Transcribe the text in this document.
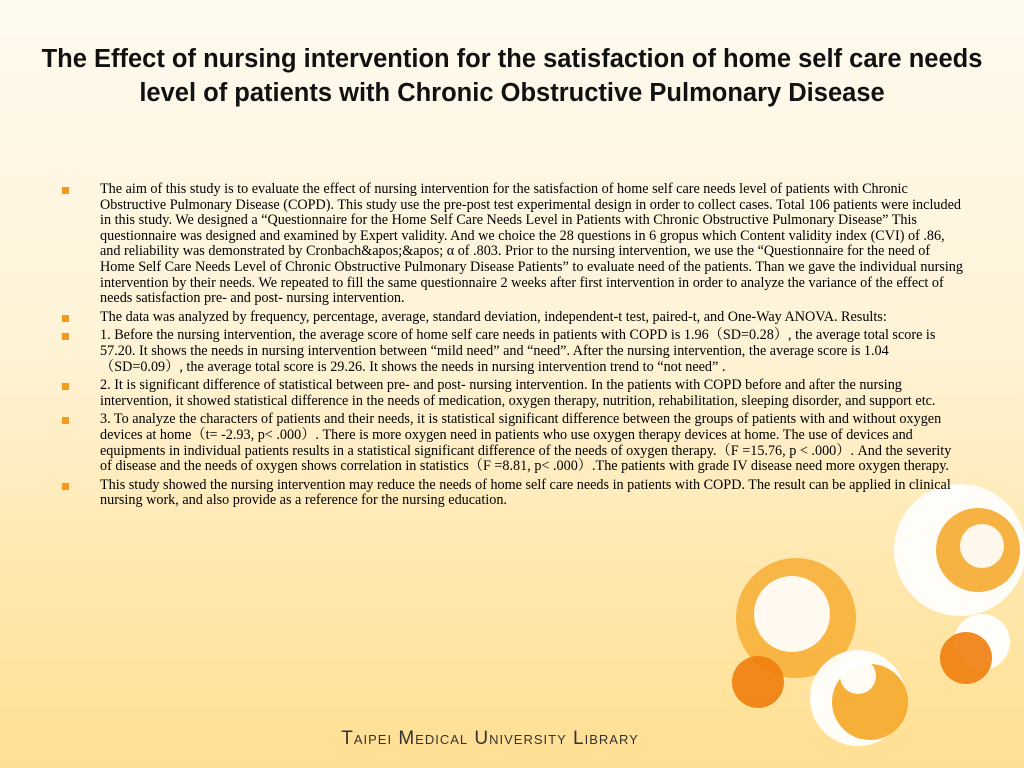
The Effect of nursing intervention for the satisfaction of home self care needs level of patients with Chronic Obstructive Pulmonary Disease
The aim of this study is to evaluate the effect of nursing intervention for the satisfaction of home self care needs level of patients with Chronic Obstructive Pulmonary Disease (COPD). This study use the pre-post test experimental design in order to collect cases. Total 106 patients were included in this study. We designed a “Questionnaire for the Home Self Care Needs Level in Patients with Chronic Obstructive Pulmonary Disease” This questionnaire was designed and examined by Expert validity. And we choice the 28 questions in 6 gropus which Content validity index (CVI) of .86, and reliability was demonstrated by Cronbach&apos;&apos; α of .803. Prior to the nursing intervention, we use the “Questionnaire for the need of Home Self Care Needs Level of Chronic Obstructive Pulmonary Disease Patients” to evaluate need of the patients. Than we gave the individual nursing intervention by their needs. We repeated to fill the same questionnaire 2 weeks after first intervention in order to analyze the variance of the effect of needs satisfaction pre- and post- nursing intervention.
The data was analyzed by frequency, percentage, average, standard deviation, independent-t test, paired-t, and One-Way ANOVA. Results:
1. Before the nursing intervention, the average score of home self care needs in patients with COPD is 1.96（SD=0.28）, the average total score is 57.20. It shows the needs in nursing intervention between “mild need” and “need”. After the nursing intervention, the average score is 1.04（SD=0.09）, the average total score is 29.26. It shows the needs in nursing intervention trend to “not need” .
2. It is significant difference of statistical between pre- and post- nursing intervention. In the patients with COPD before and after the nursing intervention, it showed statistical difference in the needs of medication, oxygen therapy, nutrition, rehabilitation, sleeping disorder, and support etc.
3. To analyze the characters of patients and their needs, it is statistical significant difference between the groups of patients with and without oxygen devices at home（t= -2.93, p< .000）. There is more oxygen need in patients who use oxygen therapy devices at home. The use of devices and equipments in individual patients results in a statistical significant difference of the needs of oxygen therapy.（F =15.76, p < .000）. And the severity of disease and the needs of oxygen shows correlation in statistics（F =8.81, p< .000）.The patients with grade IV disease need more oxygen therapy.
This study showed the nursing intervention may reduce the needs of home self care needs in patients with COPD. The result can be applied in clinical nursing work, and also provide as a reference for the nursing education.
Taipei Medical University Library
